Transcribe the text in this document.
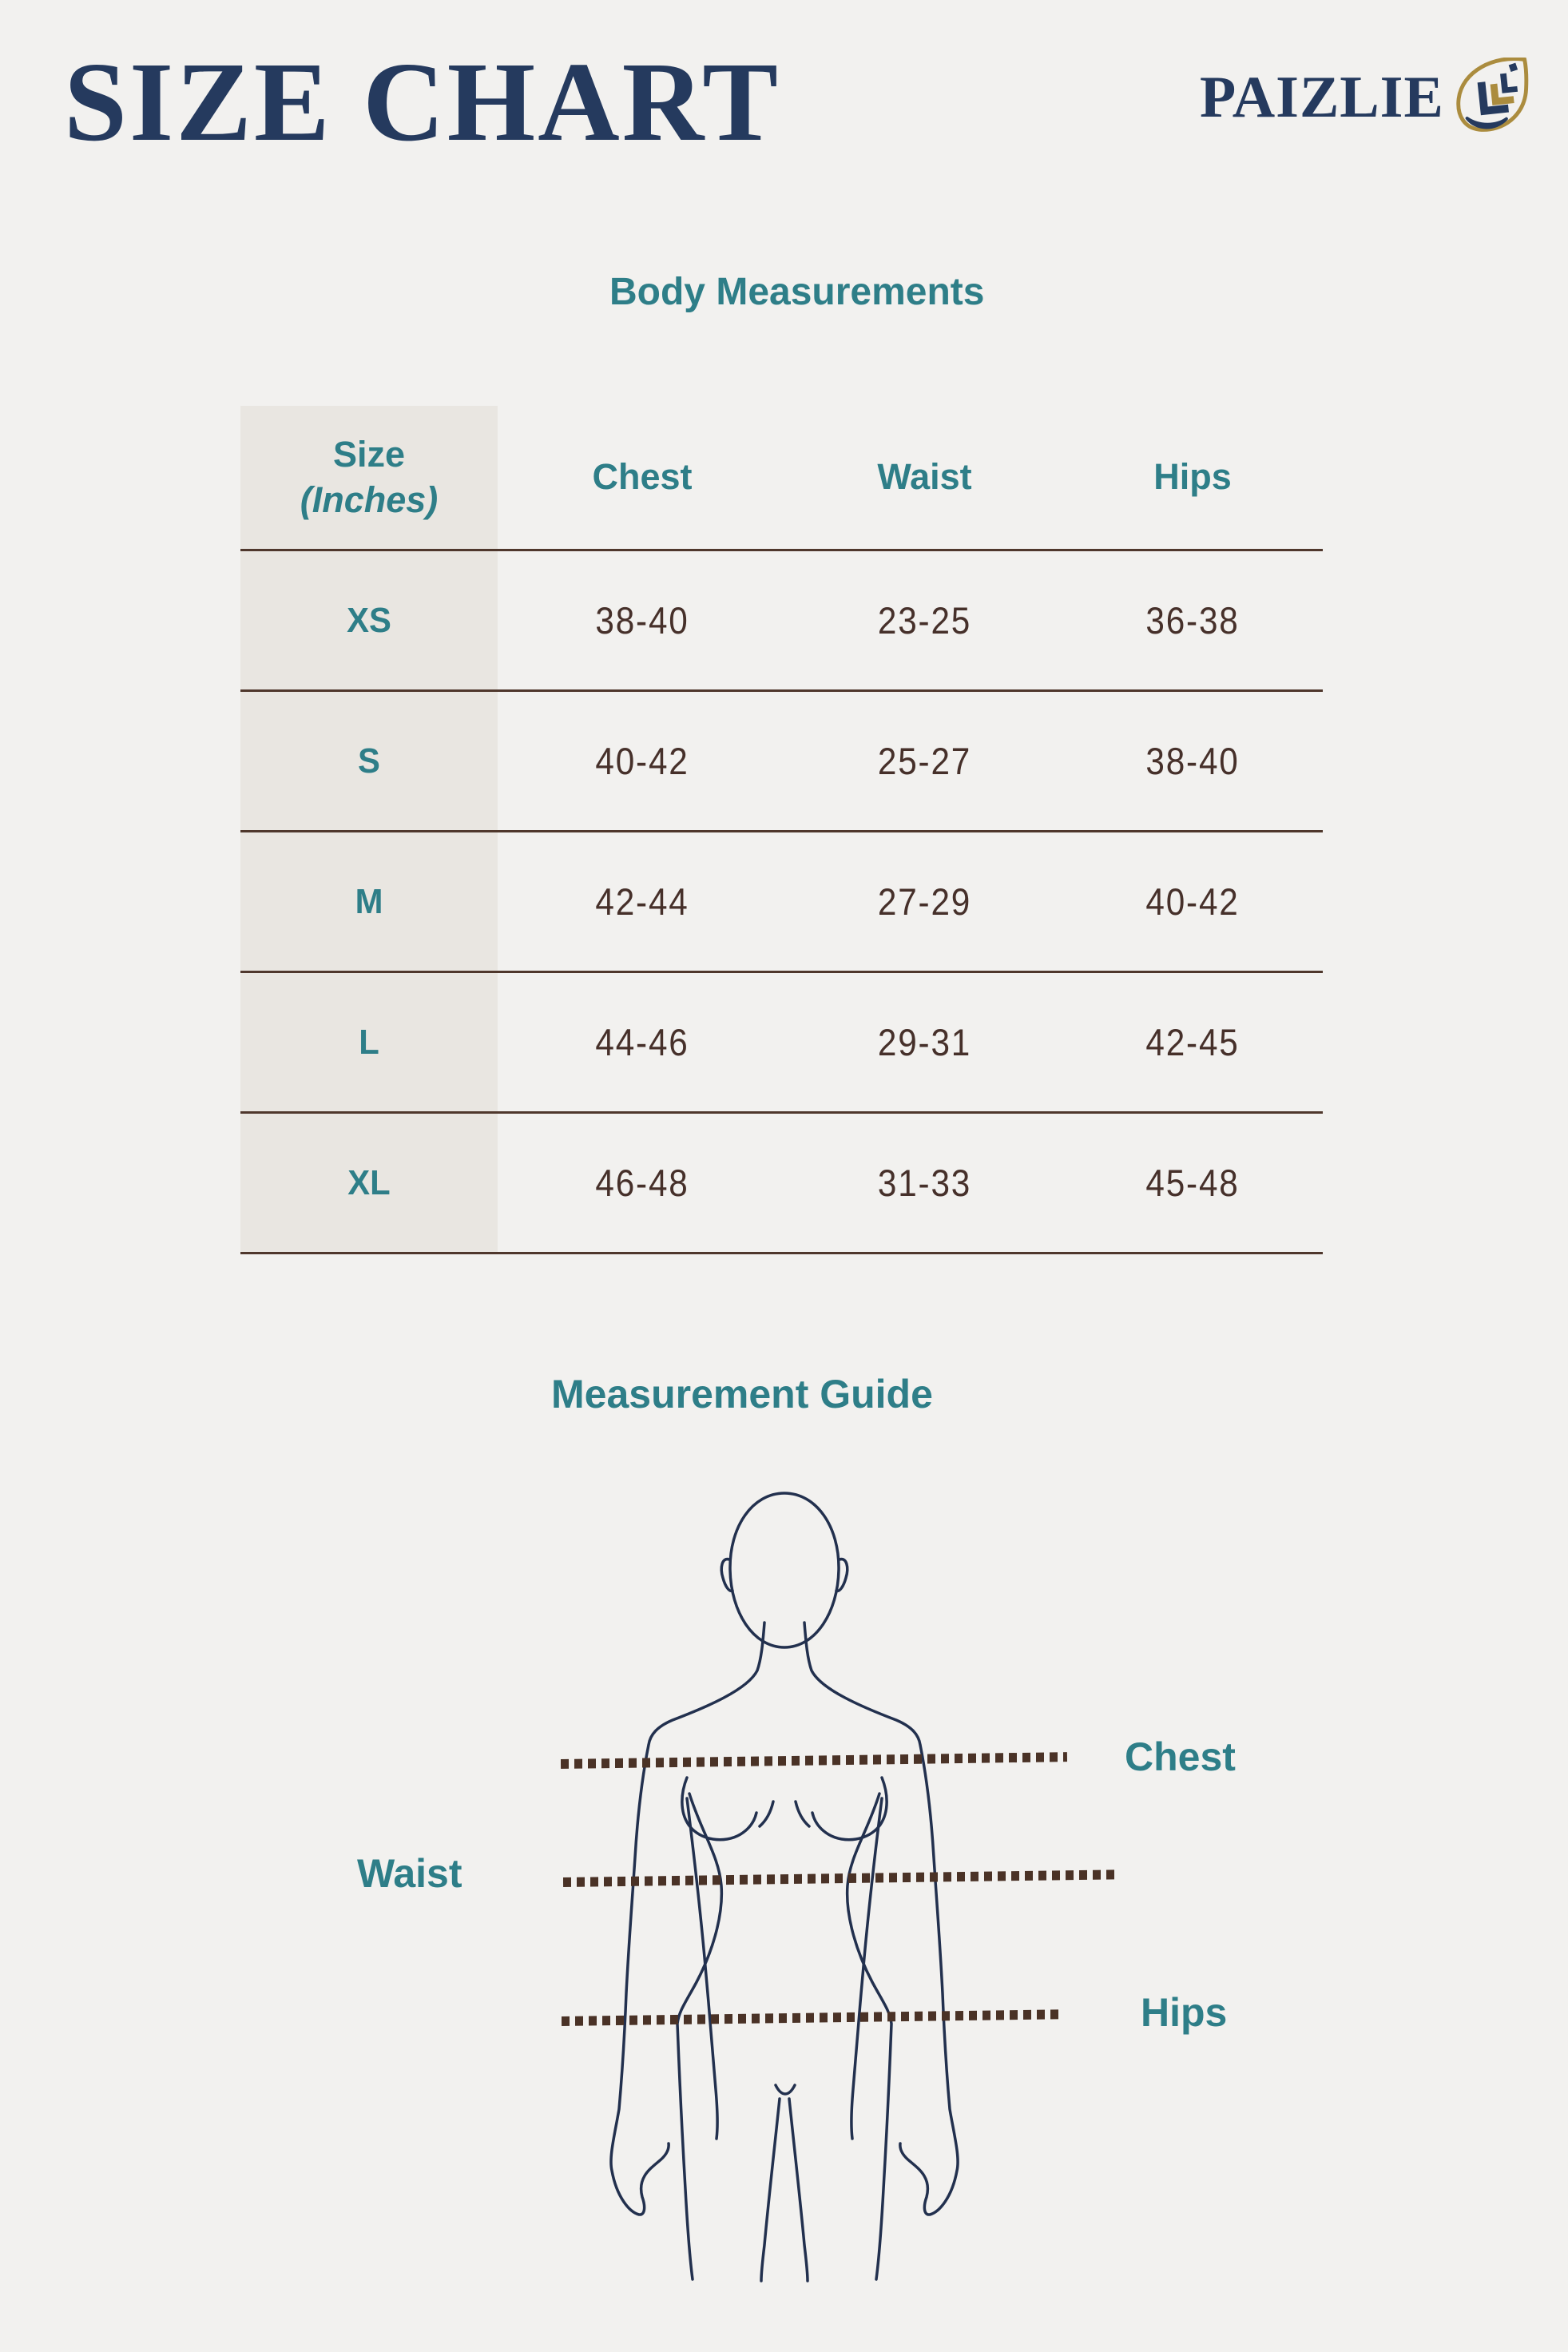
SIZE CHART	PAIZLIE
Body Measurements
Size
(Inches)
Chest	Waist	Hips
XS	38-40	23-25	36-38
S	40-42	25-27	38-40
M	42-44	27-29	40-42
L	44-46	29-31	42-45
XL	46-48	31-33	45-48
Measurement Guide
Chest
Waist
Hips
